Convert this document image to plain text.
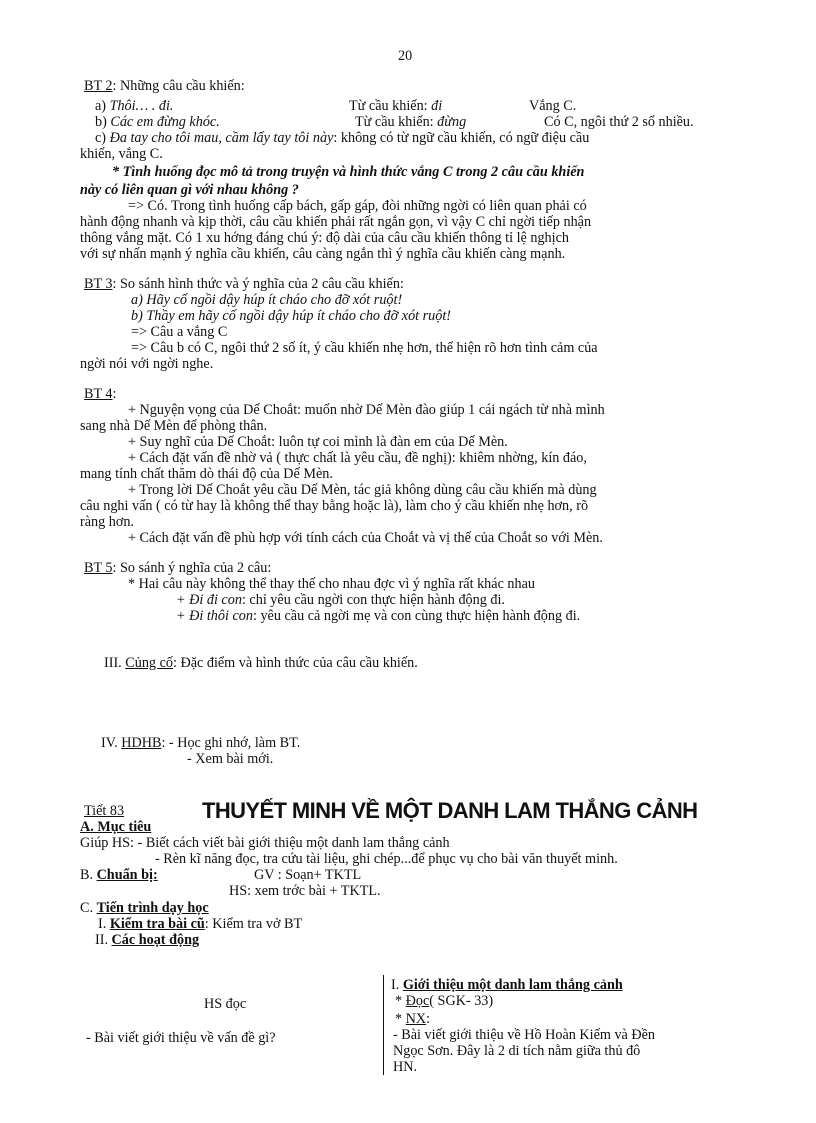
20
BT 2: Những câu cầu khiến:
a) Thôi… . đi.	Từ cầu khiến: đi	Vắng C.
b) Các em đừng khóc.	Từ cầu khiến: đừng	Có C, ngôi thứ 2 số nhiều.
c) Đa tay cho tôi mau, cầm lấy tay tôi này: không có từ ngữ cầu khiến, có ngữ điệu cầu
khiến, vắng C.
* Tình huống đọc mô tả trong truyện và hình thức vắng C trong 2 câu cầu khiến
này có liên quan gì với nhau không ?
=> Có. Trong tình huống cấp bách, gấp gáp, đòi những ngời có liên quan phải có
hành động nhanh và kịp thời, câu cầu khiến phải rất ngắn gọn, vì vậy C chỉ ngời tiếp nhận
thông vắng mặt. Có 1 xu hớng đáng chú ý: độ dài của câu cầu khiến thông tỉ lệ nghịch
với sự nhấn mạnh ý nghĩa cầu khiến, câu càng ngắn thì ý nghĩa cầu khiến càng mạnh.
BT 3: So sánh hình thức và ý nghĩa của 2 câu cầu khiến:
a) Hãy cố ngồi dậy húp ít cháo cho đỡ xót ruột!
b) Thầy em hãy cố ngồi dậy húp ít cháo cho đỡ xót ruột!
=> Câu a vắng C
=> Câu b có C, ngôi thứ 2 số ít, ý cầu khiến nhẹ hơn, thể hiện rõ hơn tình cảm của
ngời nói với ngời nghe.
BT 4:
+ Nguyện vọng của Dế Choắt: muốn nhờ Dế Mèn đào giúp 1 cái ngách từ nhà mình
sang nhà Dế Mèn để phòng thân.
+ Suy nghĩ của Dế Choắt: luôn tự coi mình là đàn em của Dế Mèn.
+ Cách đặt vấn đề nhờ vả ( thực chất là yêu cầu, đề nghị): khiêm nhờng, kín đáo,
mang tính chất thăm dò thái độ của Dế Mèn.
+ Trong lời Dế Choắt yêu cầu Dế Mèn, tác giả không dùng câu cầu khiến mà dùng
câu nghi vấn ( có từ hay là không thể thay bằng hoặc là), làm cho ý cầu khiến nhẹ hơn, rõ
ràng hơn.
+ Cách đặt vấn đề phù hợp với tính cách của Choắt và vị thế của Choắt so với Mèn.
BT 5: So sánh ý nghĩa của 2 câu:
* Hai câu này không thể thay thế cho nhau đợc vì ý nghĩa rất khác nhau
+ Đi đi con: chỉ yêu cầu ngời con thực hiện hành động đi.
+ Đi thôi con: yêu cầu cả ngời mẹ và con cùng thực hiện hành động đi.
III. Củng cố: Đặc điểm và hình thức của câu cầu khiến.
IV. HDHB: - Học ghi nhớ, làm BT.
- Xem bài mới.
Tiết 83	THUYẾT MINH VỀ MỘT DANH LAM THẮNG CẢNH
A. Mục tiêu
Giúp HS: - Biết cách viết bài giới thiệu một danh lam thắng cảnh
- Rèn kĩ năng đọc, tra cứu tài liệu, ghi chép...để phục vụ cho bài văn thuyết minh.
B. Chuẩn bị:	GV : Soạn+ TKTL
HS: xem trớc bài + TKTL.
C. Tiến trình dạy học
I. Kiểm tra bài cũ: Kiểm tra vở BT
II. Các hoạt động
HS đọc
- Bài viết giới thiệu về vấn đề gì?
I. Giới thiệu một danh lam thắng cảnh
* Đọc( SGK- 33)
* NX:
- Bài viết giới thiệu về Hồ Hoàn Kiếm và Đền
Ngọc Sơn. Đây là 2 di tích nằm giữa thủ đô
HN.
